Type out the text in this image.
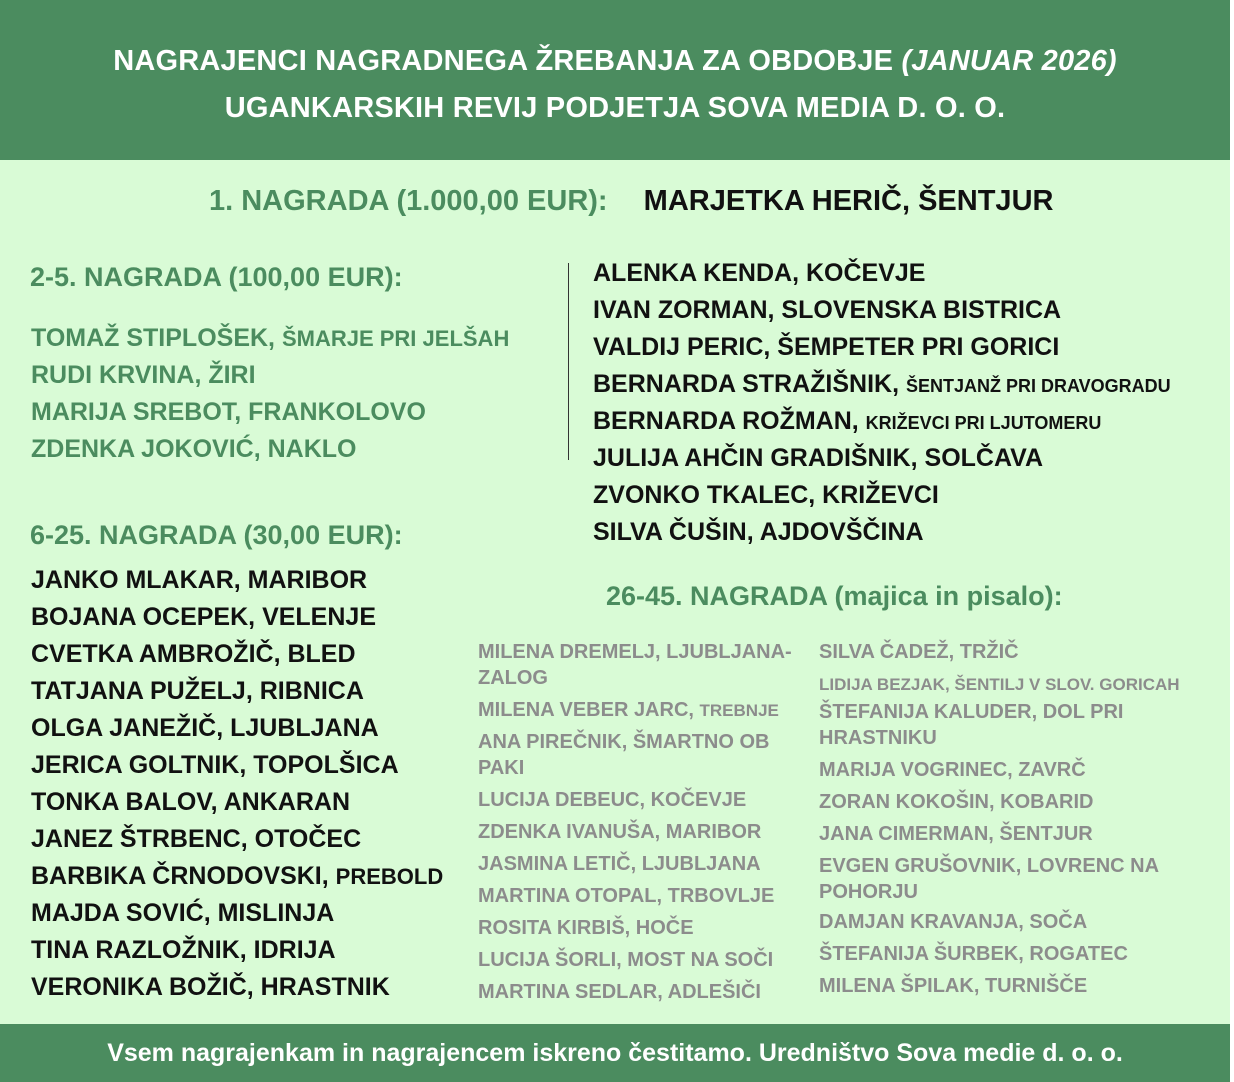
NAGRAJENCI NAGRADNEGA ŽREBANJA ZA OBDOBJE (JANUAR 2026)
UGANKARSKIH REVIJ PODJETJA SOVA MEDIA D. O. O.
1. NAGRADA (1.000,00 EUR): MARJETKA HERIČ, ŠENTJUR
2-5. NAGRADA (100,00 EUR):
TOMAŽ STIPLOŠEK, ŠMARJE PRI JELŠAH
RUDI KRVINA, ŽIRI
MARIJA SREBOT, FRANKOLOVO
ZDENKA JOKOVIĆ, NAKLO
6-25. NAGRADA (30,00 EUR):
JANKO MLAKAR, MARIBOR
BOJANA OCEPEK, VELENJE
CVETKA AMBROŽIČ, BLED
TATJANA PUŽELJ, RIBNICA
OLGA JANEŽIČ, LJUBLJANA
JERICA GOLTNIK, TOPOLŠICA
TONKA BALOV, ANKARAN
JANEZ ŠTRBENC, OTOČEC
BARBIKA ČRNODOVSKI, PREBOLD
MAJDA SOVIĆ, MISLINJA
TINA RAZLOŽNIK, IDRIJA
VERONIKA BOŽIČ, HRASTNIK
ALENKA KENDA, KOČEVJE
IVAN ZORMAN, SLOVENSKA BISTRICA
VALDIJ PERIC, ŠEMPETER PRI GORICI
BERNARDA STRAŽIŠNIK, ŠENTJANŽ PRI DRAVOGRADU
BERNARDA ROŽMAN, KRIŽEVCI PRI LJUTOMERU
JULIJA AHČIN GRADIŠNIK, SOLČAVA
ZVONKO TKALEC, KRIŽEVCI
SILVA ČUŠIN, AJDOVŠČINA
26-45. NAGRADA (majica in pisalo):
MILENA DREMELJ, LJUBLJANA-ZALOG
MILENA VEBER JARC, TREBNJE
ANA PIREČNIK, ŠMARTNO OB PAKI
LUCIJA DEBEUC, KOČEVJE
ZDENKA IVANUŠA, MARIBOR
JASMINA LETIČ, LJUBLJANA
MARTINA OTOPAL, TRBOVLJE
ROSITA KIRBIŠ, HOČE
LUCIJA ŠORLI, MOST NA SOČI
MARTINA SEDLAR, ADLEŠIČI
SILVA ČADEŽ, TRŽIČ
LIDIJA BEZJAK, ŠENTILJ V SLOV. GORICAH
ŠTEFANIJA KALUDER, DOL PRI HRASTNIKU
MARIJA VOGRINEC, ZAVRČ
ZORAN KOKOŠIN, KOBARID
JANA CIMERMAN, ŠENTJUR
EVGEN GRUŠOVNIK, LOVRENC NA POHORJU
DAMJAN KRAVANJA, SOČA
ŠTEFANIJA ŠURBEK, ROGATEC
MILENA ŠPILAK, TURNIŠČE
Vsem nagrajenkam in nagrajencem iskreno čestitamo. Uredništvo Sova medie d. o. o.
